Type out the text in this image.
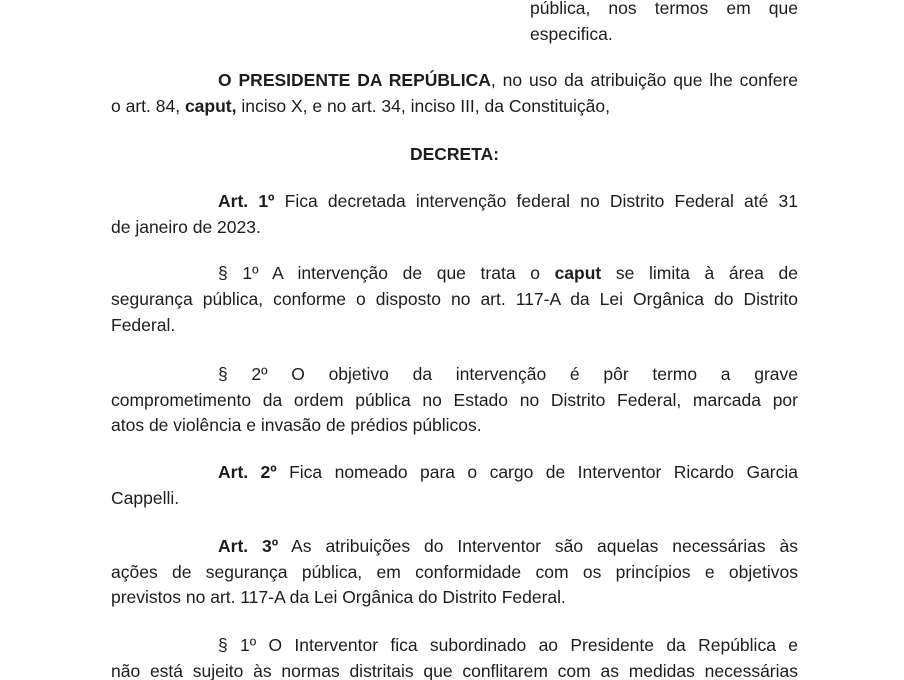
pública, nos termos em que
especifica.
O PRESIDENTE DA REPÚBLICA, no uso da atribuição que lhe confere
o art. 84, caput, inciso X, e no art. 34, inciso III, da Constituição,
DECRETA:
Art. 1º Fica decretada intervenção federal no Distrito Federal até 31
de janeiro de 2023.
§ 1º A intervenção de que trata o caput se limita à área de
segurança pública, conforme o disposto no art. 117-A da Lei Orgânica do Distrito
Federal.
§ 2º O objetivo da intervenção é pôr termo a grave
comprometimento da ordem pública no Estado no Distrito Federal, marcada por
atos de violência e invasão de prédios públicos.
Art. 2º Fica nomeado para o cargo de Interventor Ricardo Garcia
Cappelli.
Art. 3º As atribuições do Interventor são aquelas necessárias às
ações de segurança pública, em conformidade com os princípios e objetivos
previstos no art. 117-A da Lei Orgânica do Distrito Federal.
§ 1º O Interventor fica subordinado ao Presidente da República e
não está sujeito às normas distritais que conflitarem com as medidas necessárias
